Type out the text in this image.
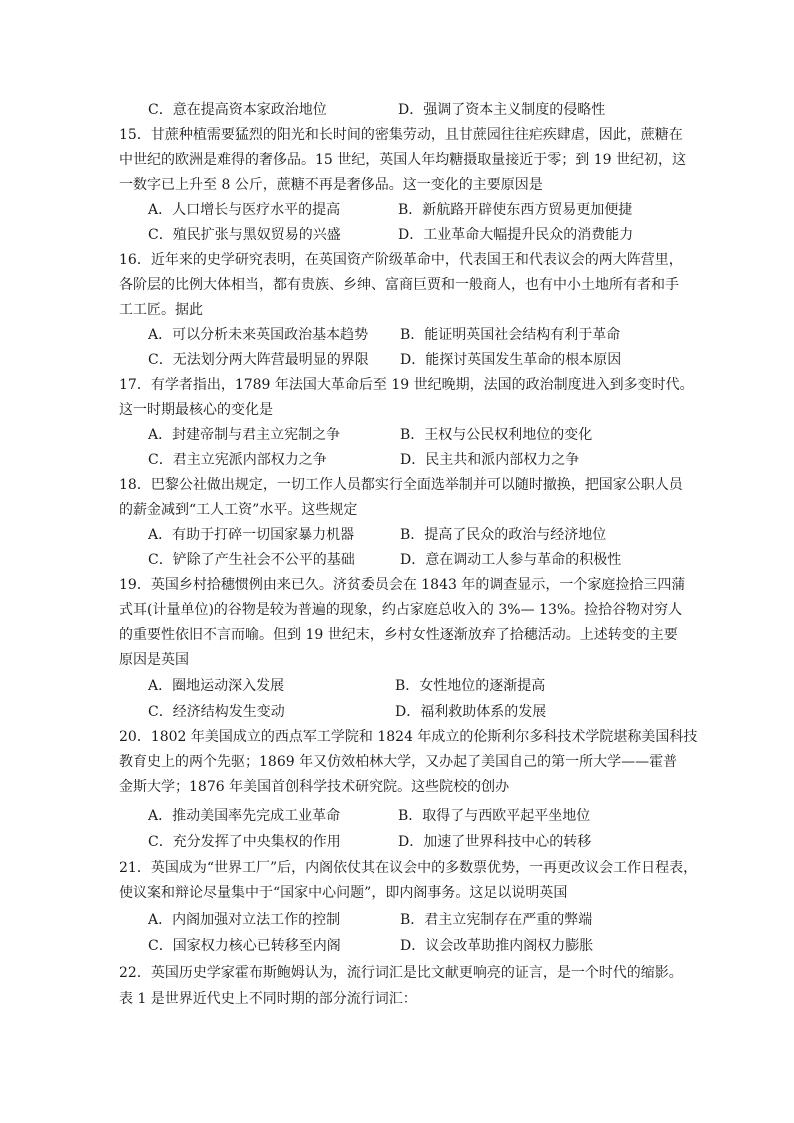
C．意在提高资本家政治地位	D．强调了资本主义制度的侵略性
15．甘蔗种植需要猛烈的阳光和长时间的密集劳动，且甘蔗园往往疟疾肆虐，因此，蔗糖在
中世纪的欧洲是难得的奢侈品。15 世纪，英国人年均糖摄取量接近于零；到 19 世纪初，这
一数字已上升至 8 公斤，蔗糖不再是奢侈品。这一变化的主要原因是
A．人口增长与医疗水平的提高	B．新航路开辟使东西方贸易更加便捷
C．殖民扩张与黑奴贸易的兴盛	D．工业革命大幅提升民众的消费能力
16．近年来的史学研究表明，在英国资产阶级革命中，代表国王和代表议会的两大阵营里，
各阶层的比例大体相当，都有贵族、乡绅、富商巨贾和一般商人，也有中小土地所有者和手
工工匠。据此
A．可以分析未来英国政治基本趋势 B．能证明英国社会结构有利于革命
C．无法划分两大阵营最明显的界限 D．能探讨英国发生革命的根本原因
17．有学者指出，1789 年法国大革命后至 19 世纪晚期，法国的政治制度进入到多变时代。
这一时期最核心的变化是
A．封建帝制与君主立宪制之争	B．王权与公民权利地位的变化
C．君主立宪派内部权力之争	D．民主共和派内部权力之争
18．巴黎公社做出规定，一切工作人员都实行全面选举制并可以随时撤换，把国家公职人员
的薪金减到“工人工资”水平。这些规定
A．有助于打碎一切国家暴力机器	B．提高了民众的政治与经济地位
C．铲除了产生社会不公平的基础	D．意在调动工人参与革命的积极性
19．英国乡村拾穗惯例由来已久。济贫委员会在 1843 年的调查显示，一个家庭捡拾三四蒲
式耳(计量单位)的谷物是较为普遍的现象，约占家庭总收入的 3%— 13%。捡拾谷物对穷人
的重要性依旧不言而喻。但到 19 世纪末，乡村女性逐渐放弃了拾穗活动。上述转变的主要
原因是英国
A．圈地运动深入发展	B．女性地位的逐渐提高
C．经济结构发生变动	D．福利救助体系的发展
20．1802 年美国成立的西点军工学院和 1824 年成立的伦斯利尔多科技术学院堪称美国科技
教育史上的两个先驱；1869 年又仿效柏林大学，又办起了美国自己的第一所大学——霍普
金斯大学；1876 年美国首创科学技术研究院。这些院校的创办
A．推动美国率先完成工业革命	B．取得了与西欧平起平坐地位
C．充分发挥了中央集权的作用	D．加速了世界科技中心的转移
21．英国成为“世界工厂”后，内阁依仗其在议会中的多数票优势，一再更改议会工作日程表，
使议案和辩论尽量集中于“国家中心问题”，即内阁事务。这足以说明英国
A．内阁加强对立法工作的控制	B．君主立宪制存在严重的弊端
C．国家权力核心已转移至内阁	D．议会改革助推内阁权力膨胀
22．英国历史学家霍布斯鲍姆认为，流行词汇是比文献更响亮的证言，是一个时代的缩影。
表 1 是世界近代史上不同时期的部分流行词汇：
